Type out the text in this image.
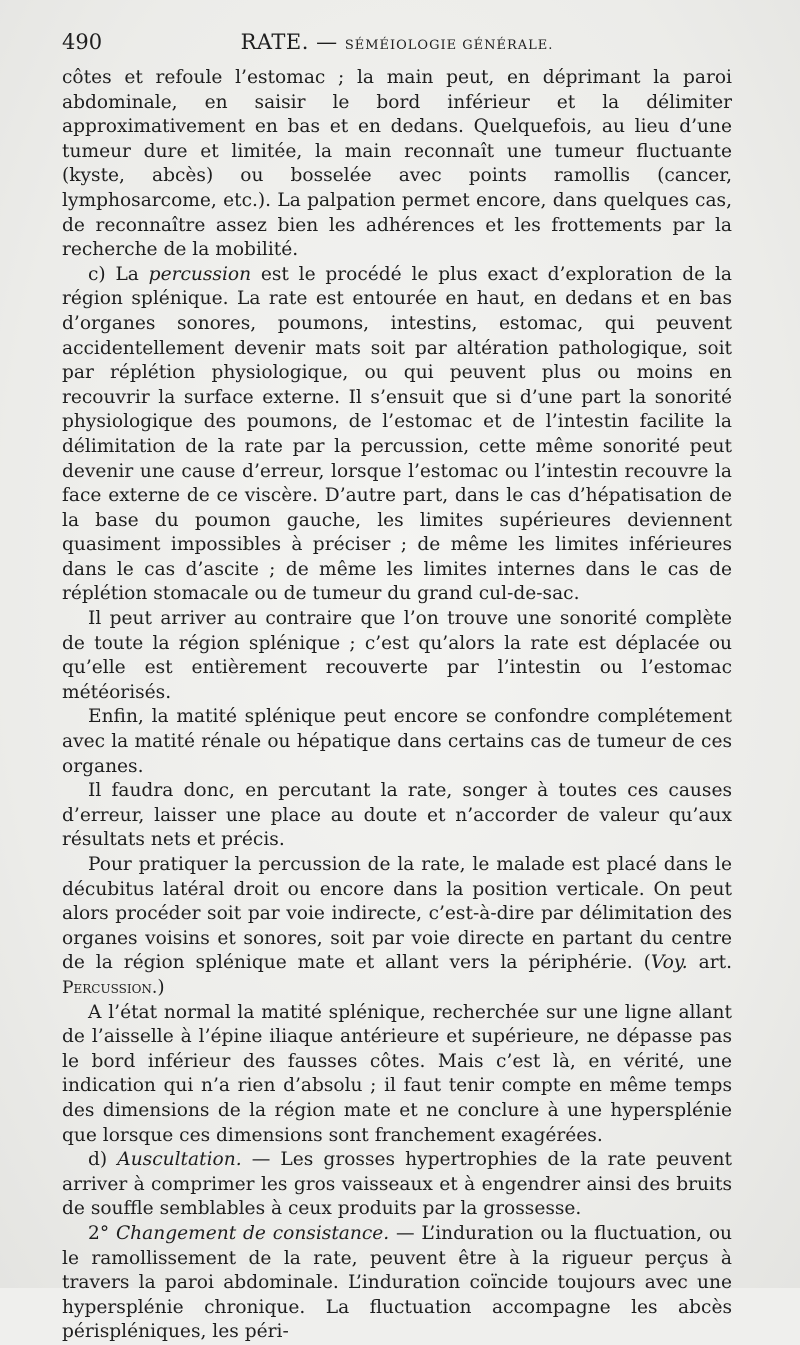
490	RATE. — SÉMÉIOLOGIE GÉNÉRALE.

côtes et refoule l’estomac ; la main peut, en déprimant la paroi abdominale, en saisir le bord inférieur et la délimiter approximativement en bas et en dedans. Quelquefois, au lieu d’une tumeur dure et limitée, la main reconnaît une tumeur fluctuante (kyste, abcès) ou bosselée avec points ramollis (cancer, lymphosarcome, etc.). La palpation permet encore, dans quelques cas, de reconnaître assez bien les adhérences et les frottements par la recherche de la mobilité.

c) La percussion est le procédé le plus exact d’exploration de la région splénique. La rate est entourée en haut, en dedans et en bas d’organes sonores, poumons, intestins, estomac, qui peuvent accidentellement devenir mats soit par altération pathologique, soit par réplétion physiologique, ou qui peuvent plus ou moins en recouvrir la surface externe. Il s’ensuit que si d’une part la sonorité physiologique des poumons, de l’estomac et de l’intestin facilite la délimitation de la rate par la percussion, cette même sonorité peut devenir une cause d’erreur, lorsque l’estomac ou l’intestin recouvre la face externe de ce viscère. D’autre part, dans le cas d’hépatisation de la base du poumon gauche, les limites supérieures deviennent quasiment impossibles à préciser ; de même les limites inférieures dans le cas d’ascite ; de même les limites internes dans le cas de réplétion stomacale ou de tumeur du grand cul-de-sac.

Il peut arriver au contraire que l’on trouve une sonorité complète de toute la région splénique ; c’est qu’alors la rate est déplacée ou qu’elle est entièrement recouverte par l’intestin ou l’estomac météorisés.

Enfin, la matité splénique peut encore se confondre complétement avec la matité rénale ou hépatique dans certains cas de tumeur de ces organes.

Il faudra donc, en percutant la rate, songer à toutes ces causes d’erreur, laisser une place au doute et n’accorder de valeur qu’aux résultats nets et précis.

Pour pratiquer la percussion de la rate, le malade est placé dans le décubitus latéral droit ou encore dans la position verticale. On peut alors procéder soit par voie indirecte, c’est-à-dire par délimitation des organes voisins et sonores, soit par voie directe en partant du centre de la région splénique mate et allant vers la périphérie. (Voy. art. Percussion.)

A l’état normal la matité splénique, recherchée sur une ligne allant de l’aisselle à l’épine iliaque antérieure et supérieure, ne dépasse pas le bord inférieur des fausses côtes. Mais c’est là, en vérité, une indication qui n’a rien d’absolu ; il faut tenir compte en même temps des dimensions de la région mate et ne conclure à une hypersplénie que lorsque ces dimensions sont franchement exagérées.

d) Auscultation. — Les grosses hypertrophies de la rate peuvent arriver à comprimer les gros vaisseaux et à engendrer ainsi des bruits de souffle semblables à ceux produits par la grossesse.

2° Changement de consistance. — L’induration ou la fluctuation, ou le ramollissement de la rate, peuvent être à la rigueur perçus à travers la paroi abdominale. L’induration coïncide toujours avec une hypersplénie chronique. La fluctuation accompagne les abcès périspléniques, les péri-
